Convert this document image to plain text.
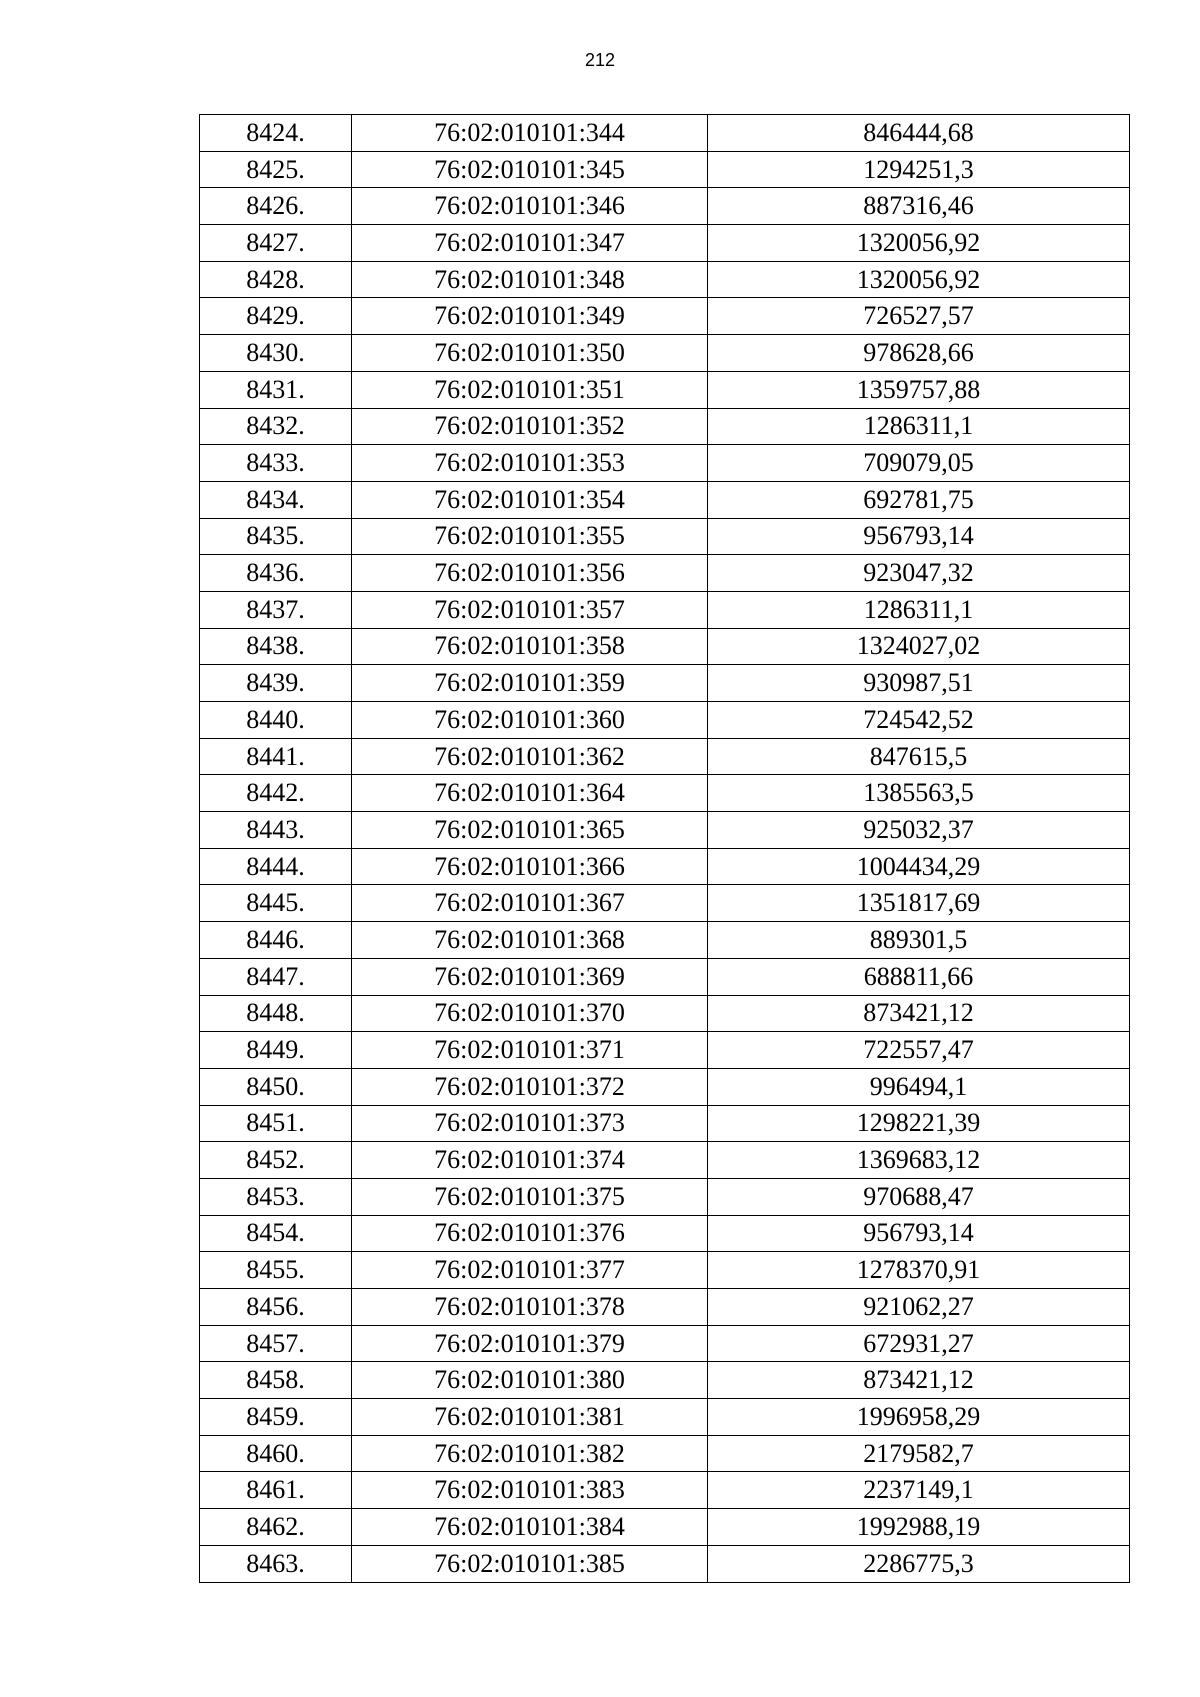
212
8424.	76:02:010101:344	846444,68
8425.	76:02:010101:345	1294251,3
8426.	76:02:010101:346	887316,46
8427.	76:02:010101:347	1320056,92
8428.	76:02:010101:348	1320056,92
8429.	76:02:010101:349	726527,57
8430.	76:02:010101:350	978628,66
8431.	76:02:010101:351	1359757,88
8432.	76:02:010101:352	1286311,1
8433.	76:02:010101:353	709079,05
8434.	76:02:010101:354	692781,75
8435.	76:02:010101:355	956793,14
8436.	76:02:010101:356	923047,32
8437.	76:02:010101:357	1286311,1
8438.	76:02:010101:358	1324027,02
8439.	76:02:010101:359	930987,51
8440.	76:02:010101:360	724542,52
8441.	76:02:010101:362	847615,5
8442.	76:02:010101:364	1385563,5
8443.	76:02:010101:365	925032,37
8444.	76:02:010101:366	1004434,29
8445.	76:02:010101:367	1351817,69
8446.	76:02:010101:368	889301,5
8447.	76:02:010101:369	688811,66
8448.	76:02:010101:370	873421,12
8449.	76:02:010101:371	722557,47
8450.	76:02:010101:372	996494,1
8451.	76:02:010101:373	1298221,39
8452.	76:02:010101:374	1369683,12
8453.	76:02:010101:375	970688,47
8454.	76:02:010101:376	956793,14
8455.	76:02:010101:377	1278370,91
8456.	76:02:010101:378	921062,27
8457.	76:02:010101:379	672931,27
8458.	76:02:010101:380	873421,12
8459.	76:02:010101:381	1996958,29
8460.	76:02:010101:382	2179582,7
8461.	76:02:010101:383	2237149,1
8462.	76:02:010101:384	1992988,19
8463.	76:02:010101:385	2286775,3
